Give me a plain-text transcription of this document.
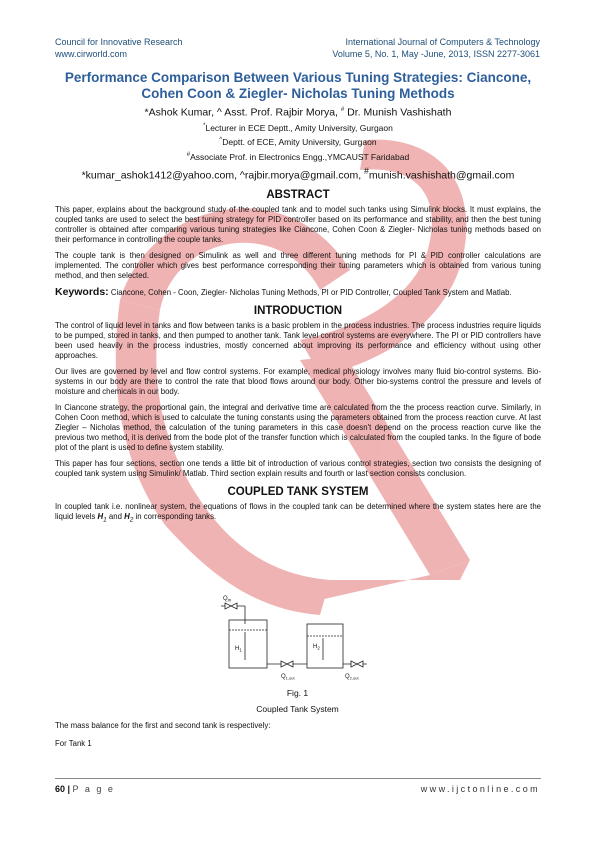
Council for Innovative Research
www.cirworld.com
International Journal of Computers & Technology
Volume 5, No. 1, May -June, 2013, ISSN 2277-3061
Performance Comparison Between Various Tuning Strategies: Ciancone,
Cohen Coon & Ziegler- Nicholas Tuning Methods
*Ashok Kumar, ^ Asst. Prof. Rajbir Morya, # Dr. Munish Vashishath
*Lecturer in ECE Deptt., Amity University, Gurgaon
^Deptt. of ECE, Amity University, Gurgaon
#Associate Prof. in Electronics Engg.,YMCAUST Faridabad
*kumar_ashok1412@yahoo.com, ^rajbir.morya@gmail.com, #munish.vashishath@gmail.com
ABSTRACT

This paper, explains about the background study of the coupled tank and to model such tanks using Simulink blocks. It must explains, the coupled tanks are used to select the best tuning strategy for PID controller based on its performance and stability, and then the best tuning controller is obtained after comparing various tuning strategies like Ciancone, Cohen Coon & Ziegler- Nicholas tuning methods based on their performance in controlling the couple tanks.

The couple tank is then designed on Simulink as well and three different tuning methods for PI & PID controller calculations are implemented. The controller which gives best performance corresponding their tuning parameters which is obtained from various tuning method, and then selected.

Keywords: Ciancone, Cohen - Coon, Ziegler- Nicholas Tuning Methods, PI or PID Controller, Coupled Tank System and Matlab.

INTRODUCTION

The control of liquid level in tanks and flow between tanks is a basic problem in the process industries. The process industries require liquids to be pumped, stored in tanks, and then pumped to another tank. Tank level control systems are everywhere. The PI or PID controllers have been used heavily in the process industries, mostly concerned about improving its performance and efficiency without using other approaches.

Our lives are governed by level and flow control systems. For example, medical physiology involves many fluid bio-control systems. Bio-systems in our body are there to control the rate that blood flows around our body. Other bio-systems control the pressure and levels of moisture and chemicals in our body.

In Ciancone strategy, the proportional gain, the integral and derivative time are calculated from the the process reaction curve. Similarly, in Cohen Coon method, which is used to calculate the tuning constants using the parameters obtained from the process reaction curve. At last Ziegler – Nicholas method, the calculation of the tuning parameters in this case doesn't depend on the process reaction curve like the previous two method, it is derived from the bode plot of the transfer function which is calculated from the coupled tanks. In the figure of bode plot of the plant is used to define system stability.

This paper has four sections, section one tends a little bit of introduction of various control strategies, section two consists the designing of coupled tank system using Simulink/ Matlab. Third section explain results and fourth or last section consists conclusion.

COUPLED TANK SYSTEM

In coupled tank i.e. nonlinear system, the equations of flows in the coupled tank can be determined where the system states here are the liquid levels $H_1$ and $H_2$ in corresponding tanks.

$Q_{in}$
$H_1$	$H_2$
$Q_{1,out}$	$Q_{2,out}$
Fig. 1
Coupled Tank System
The mass balance for the first and second tank is respectively:
For Tank 1
60 | P a g e	www.ijctonline.com
